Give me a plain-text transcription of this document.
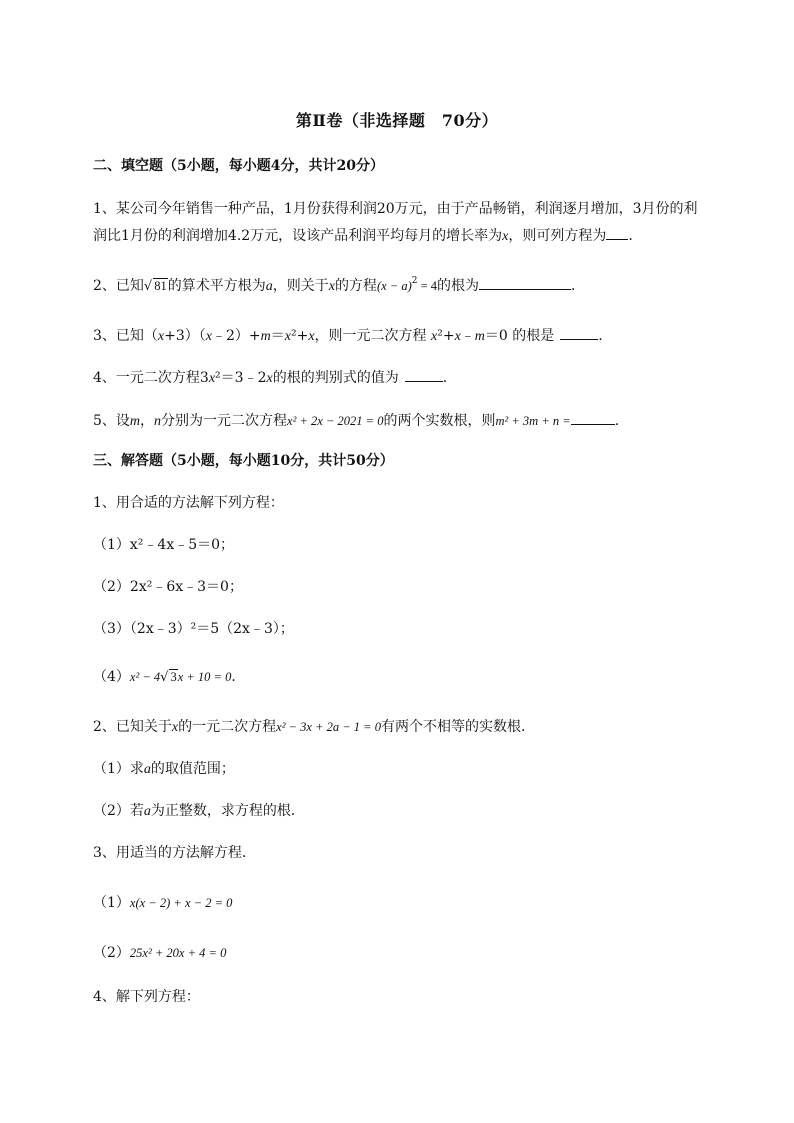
第Ⅱ卷（非选择题　70分）
二、填空题（5小题，每小题4分，共计20分）
1、某公司今年销售一种产品，1月份获得利润20万元，由于产品畅销，利润逐月增加，3月份的利
润比1月份的利润增加4.2万元，设该产品利润平均每月的增长率为x，则可列方程为 .
2、已知√ 81的算术平方根为a，则关于x的方程$(x - a)^2 = 4$的根为	.
3、已知（x+3）（x﹣2）+m＝x²+x，则一元二次方程 x²+x﹣m＝0 的根是	.
4、一元二次方程3x²＝3﹣2x的根的判别式的值为	.
5、设m，n分别为一元二次方程x² + 2x − 2021 = 0的两个实数根，则m² + 3m + n =	.
三、解答题（5小题，每小题10分，共计50分）
1、用合适的方法解下列方程：
（1）x²﹣4x﹣5＝0；
（2）2x²﹣6x﹣3＝0；
（3）（2x﹣3）²＝5（2x﹣3）；
（4）x² − 4√ 3x + 10 = 0．
2、已知关于x的一元二次方程x² − 3x + 2a − 1 = 0有两个不相等的实数根．
（1）求a的取值范围；
（2）若a为正整数，求方程的根．
3、用适当的方法解方程．
（1）x(x − 2) + x − 2 = 0
（2）25x² + 20x + 4 = 0
4、解下列方程：
